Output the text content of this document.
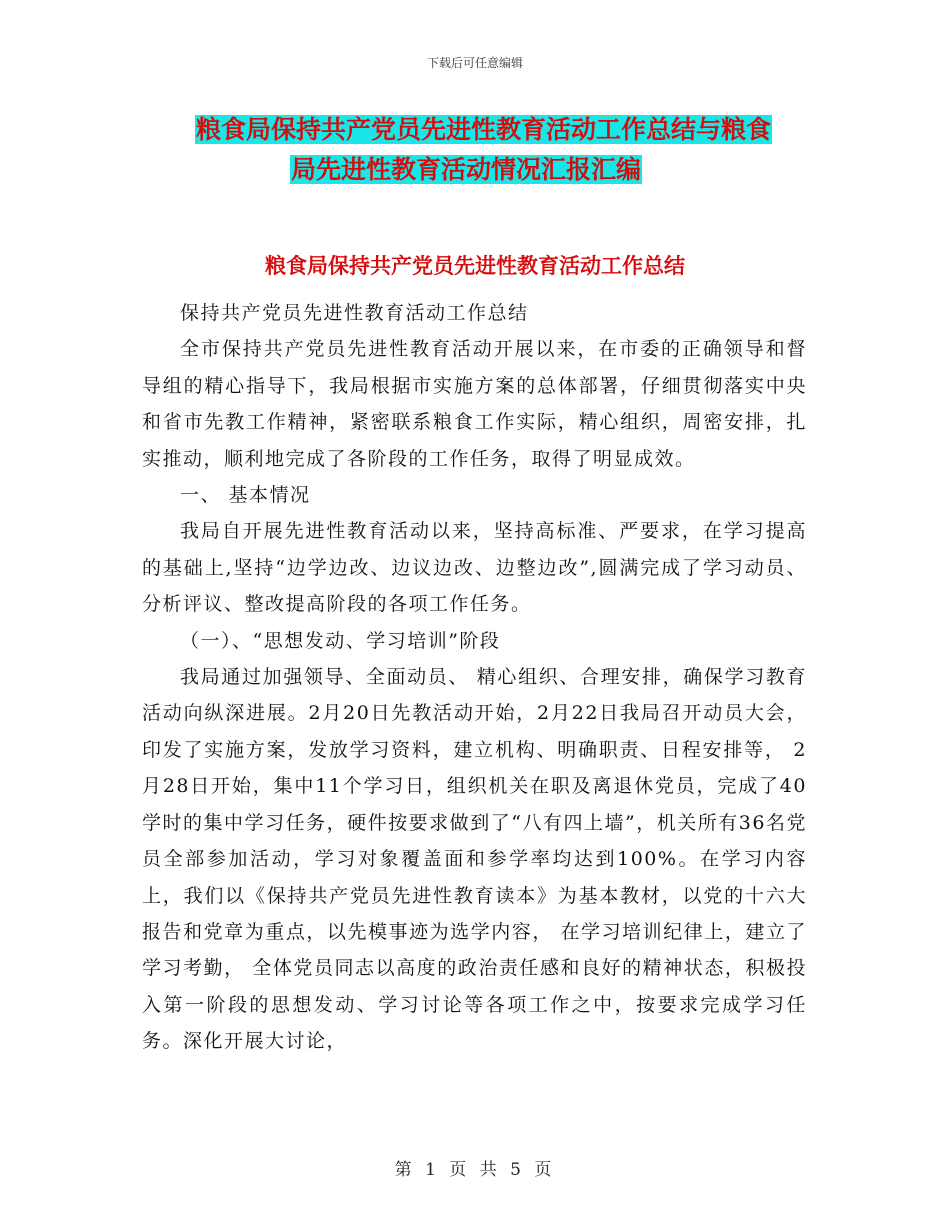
下载后可任意编辑
粮食局保持共产党员先进性教育活动工作总结与粮食
局先进性教育活动情况汇报汇编
粮食局保持共产党员先进性教育活动工作总结

保持共产党员先进性教育活动工作总结

全市保持共产党员先进性教育活动开展以来，在市委的正确领导和督导组的精心指导下，我局根据市实施方案的总体部署，仔细贯彻落实中央和省市先教工作精神，紧密联系粮食工作实际，精心组织，周密安排，扎实推动，顺利地完成了各阶段的工作任务，取得了明显成效。

一、 基本情况

我局自开展先进性教育活动以来，坚持高标准、严要求，在学习提高的基础上,坚持“边学边改、边议边改、边整边改”,圆满完成了学习动员、分析评议、整改提高阶段的各项工作任务。

（一）、“思想发动、学习培训”阶段

我局通过加强领导、全面动员、 精心组织、合理安排，确保学习教育活动向纵深进展。2月20日先教活动开始，2月22日我局召开动员大会，印发了实施方案，发放学习资料，建立机构、明确职责、日程安排等， 2月28日开始，集中11个学习日，组织机关在职及离退休党员，完成了40学时的集中学习任务，硬件按要求做到了“八有四上墙”，机关所有36名党员全部参加活动，学习对象覆盖面和参学率均达到100%。在学习内容上，我们以《保持共产党员先进性教育读本》为基本教材，以党的十六大报告和党章为重点，以先模事迹为选学内容， 在学习培训纪律上，建立了学习考勤， 全体党员同志以高度的政治责任感和良好的精神状态，积极投入第一阶段的思想发动、学习讨论等各项工作之中，按要求完成学习任务。深化开展大讨论，

第 1 页 共 5 页
